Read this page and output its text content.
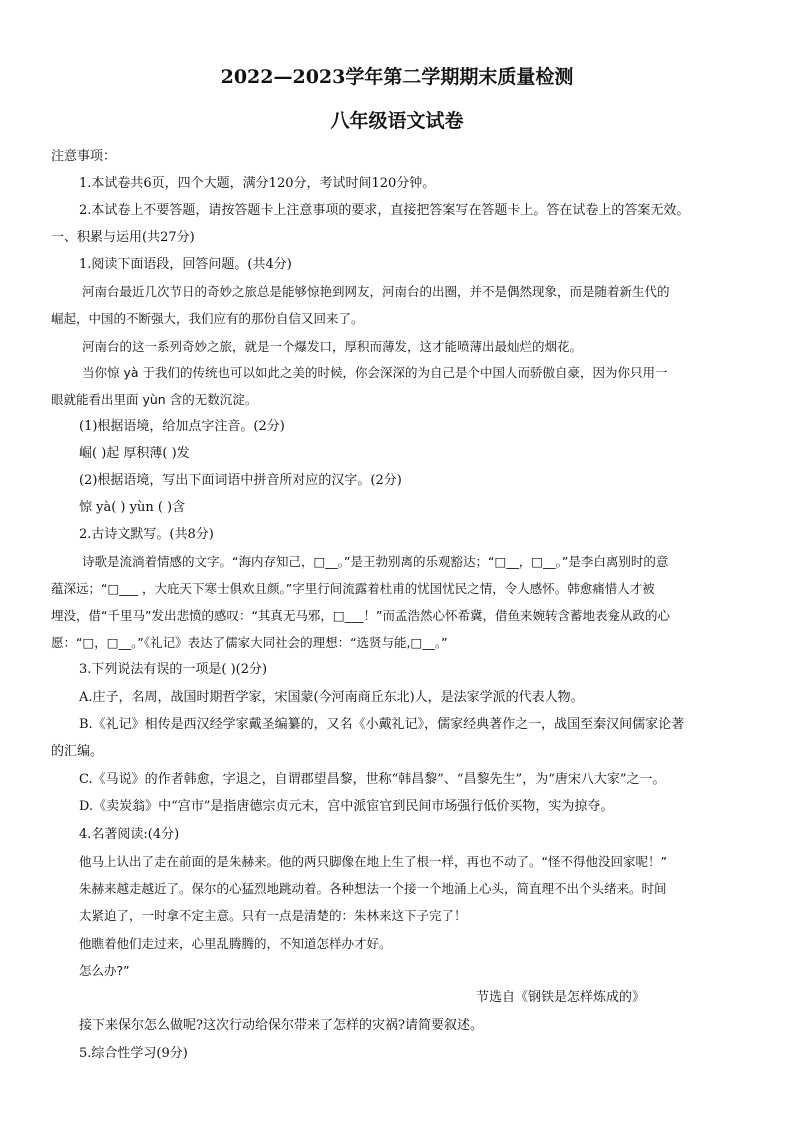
2022—2023学年第二学期期末质量检测
八年级语文试卷
注意事项：
1.本试卷共6页，四个大题，满分120分，考试时间120分钟。
2.本试卷上不要答题，请按答题卡上注意事项的要求，直接把答案写在答题卡上。答在试卷上的答案无效。
一、积累与运用(共27分)
1.阅读下面语段，回答问题。(共4分)
河南台最近几次节日的奇妙之旅总是能够惊艳到网友，河南台的出圈，并不是偶然现象，而是随着新生代的
崛起，中国的不断强大，我们应有的那份自信又回来了。
河南台的这一系列奇妙之旅，就是一个爆发口，厚积而薄发，这才能喷薄出最灿烂的烟花。
当你惊 yà 于我们的传统也可以如此之美的时候，你会深深的为自己是个中国人而骄傲自豪，因为你只用一
眼就能看出里面 yùn 含的无数沉淀。
(1)根据语境，给加点字注音。(2分)
崛( )起 厚积薄( )发
(2)根据语境，写出下面词语中拼音所对应的汉字。(2分)
惊 yà( ) yùn ( )含
2.古诗文默写。(共8分)
诗歌是流淌着情感的文字。“海内存知己，□__。”是王勃别离的乐观豁达；“□__，□__。”是李白离别时的意
蕴深远；“□___ ，大庇天下寒士俱欢且颜。”字里行间流露着杜甫的忧国忧民之情，令人感怀。韩愈痛惜人才被
埋没，借“千里马”发出悲愤的感叹：“其真无马邪，□___！”而孟浩然心怀希冀，借鱼来婉转含蓄地表龛从政的心
愿：“□，□__。”《礼记》表达了儒家大同社会的理想：“选贤与能,□__。”
3.下列说法有误的一项是( )(2分)
A.庄子，名周，战国时期哲学家，宋国蒙(今河南商丘东北)人，是法家学派的代表人物。
B.《礼记》相传是西汉经学家戴圣编纂的，又名《小戴礼记》，儒家经典著作之一，战国至秦汉间儒家论著
的汇编。
C.《马说》的作者韩愈，字退之，自谓郡望昌黎，世称“韩昌黎”、“昌黎先生”，为“唐宋八大家”之一。
D.《卖炭翁》中“宫市”是指唐德宗贞元末，宫中派宦官到民间市场强行低价买物，实为掠夺。
4.名著阅读:(4分)
他马上认出了走在前面的是朱赫来。他的两只脚像在地上生了根一样，再也不动了。“怪不得他没回家呢！”
朱赫来越走越近了。保尔的心猛烈地跳动着。各种想法一个接一个地涌上心头，简直理不出个头绪来。时间
太紧迫了，一时拿不定主意。只有一点是清楚的：朱林来这下子完了！
他瞧着他们走过来，心里乱腾腾的，不知道怎样办才好。
怎么办?”
节选自《钢铁是怎样炼成的》
接下来保尔怎么做呢?这次行动给保尔带来了怎样的灾祸?请简要叙述。
5.综合性学习(9分)
